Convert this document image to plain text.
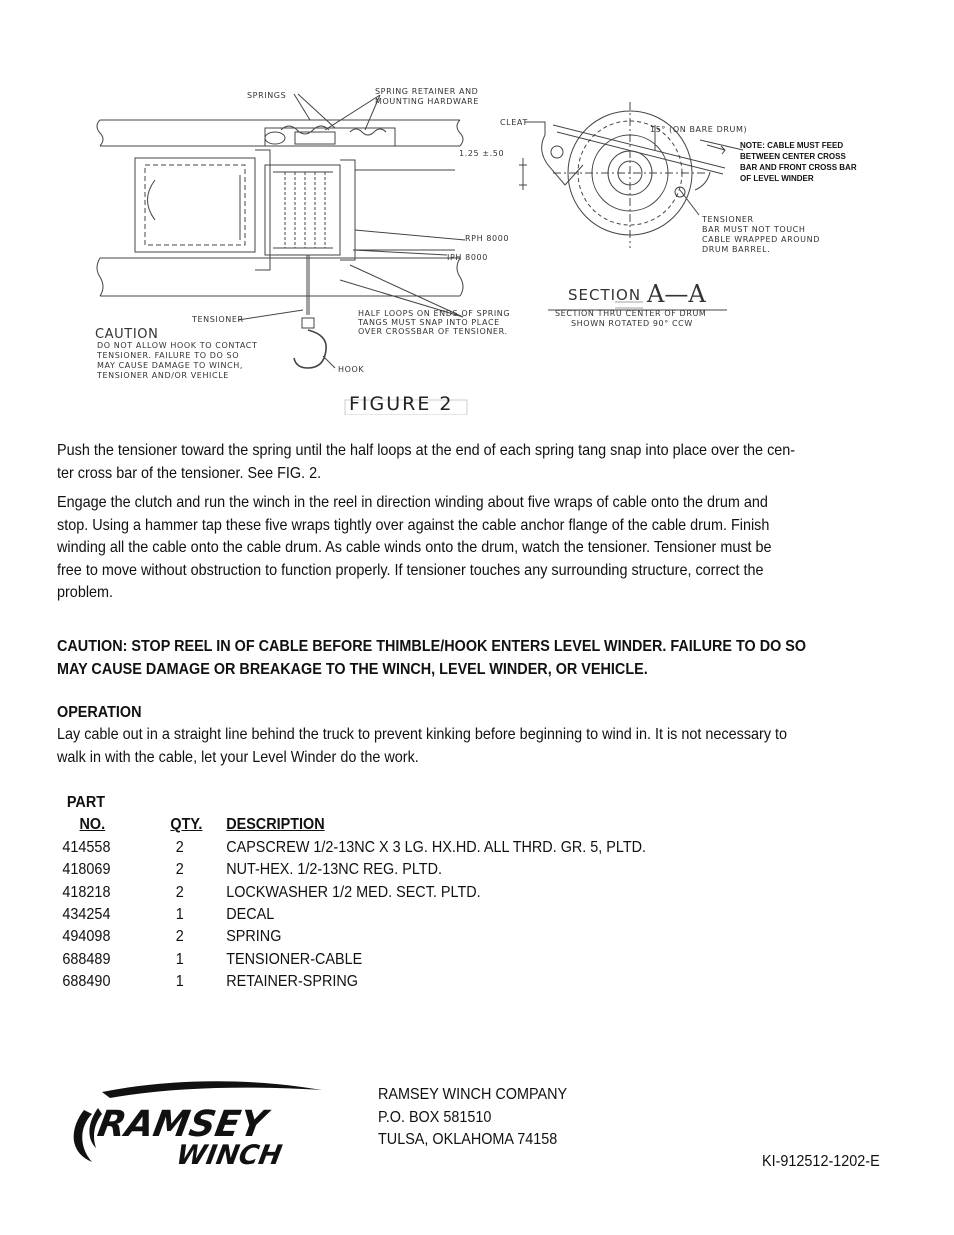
SPRINGS	SPRING RETAINER AND
MOUNTING HARDWARE
CLEAT
1.25 ±.50
15° (ON BARE DRUM)
RPH 8000
IPH 8000
TENSIONER
HALF LOOPS ON ENDS OF SPRING
TANGS MUST SNAP INTO PLACE
OVER CROSSBAR OF TENSIONER.
HOOK
CAUTION
DO NOT ALLOW HOOK TO CONTACT
TENSIONER. FAILURE TO DO SO
MAY CAUSE DAMAGE TO WINCH,
TENSIONER AND/OR VEHICLE
NOTE: CABLE MUST FEED
BETWEEN CENTER CROSS
BAR AND FRONT CROSS BAR
OF LEVEL WINDER
TENSIONER
BAR MUST NOT TOUCH
CABLE WRAPPED AROUND
DRUM BARREL.
SECTION A—A
SECTION THRU CENTER OF DRUM
SHOWN ROTATED 90° CCW
FIGURE 2
Push the tensioner toward the spring until the half loops at the end of each spring tang snap into place over the cen-
ter cross bar of the tensioner. See FIG. 2.
Engage the clutch and run the winch in the reel in direction winding about five wraps of cable onto the drum and
stop. Using a hammer tap these five wraps tightly over against the cable anchor flange of the cable drum. Finish
winding all the cable onto the cable drum. As cable winds onto the drum, watch the tensioner. Tensioner must be
free to move without obstruction to function properly. If tensioner touches any surrounding structure, correct the
problem.
CAUTION: STOP REEL IN OF CABLE BEFORE THIMBLE/HOOK ENTERS LEVEL WINDER. FAILURE TO DO SO
MAY CAUSE DAMAGE OR BREAKAGE TO THE WINCH, LEVEL WINDER, OR VEHICLE.
OPERATION
Lay cable out in a straight line behind the truck to prevent kinking before beginning to wind in. It is not necessary to
walk in with the cable, let your Level Winder do the work.
PART
NO.	QTY. DESCRIPTION
414558	2	CAPSCREW 1/2-13NC X 3 LG. HX.HD. ALL THRD. GR. 5, PLTD.
418069	2	NUT-HEX. 1/2-13NC REG. PLTD.
418218	2	LOCKWASHER 1/2 MED. SECT. PLTD.
434254	1	DECAL
494098	2	SPRING
688489	1	TENSIONER-CABLE
688490	1	RETAINER-SPRING
RAMSEY
WINCH
RAMSEY WINCH COMPANY
P.O. BOX 581510
TULSA, OKLAHOMA 74158
KI-912512-1202-E
